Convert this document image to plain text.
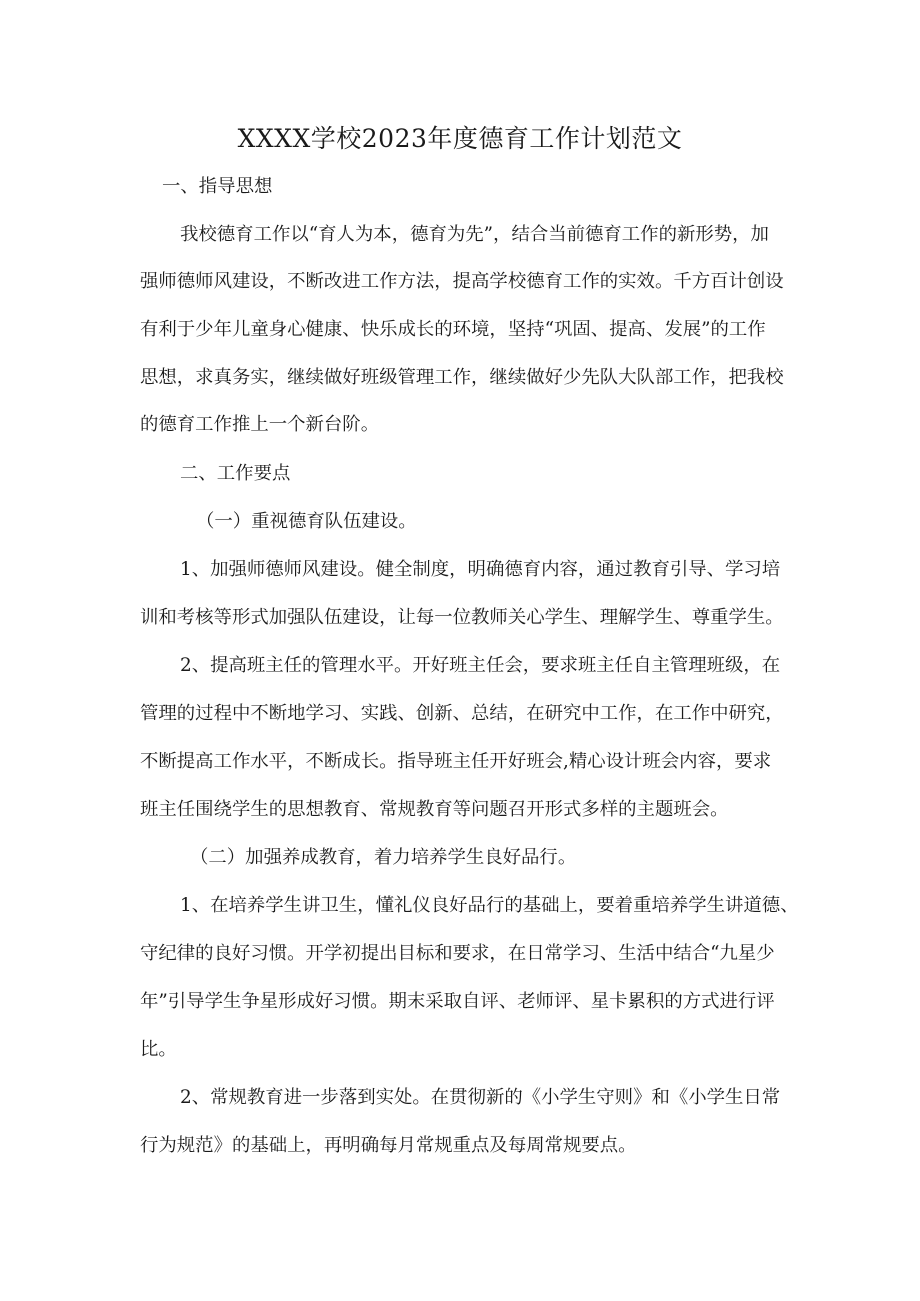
XXXX学校2023年度德育工作计划范文
一、指导思想
我校德育工作以“育人为本，德育为先”，结合当前德育工作的新形势，加
强师德师风建设，不断改进工作方法，提高学校德育工作的实效。千方百计创设
有利于少年儿童身心健康、快乐成长的环境，坚持“巩固、提高、发展”的工作
思想，求真务实，继续做好班级管理工作，继续做好少先队大队部工作，把我校
的德育工作推上一个新台阶。
二、工作要点
（一）重视德育队伍建设。
1、加强师德师风建设。健全制度，明确德育内容，通过教育引导、学习培
训和考核等形式加强队伍建设，让每一位教师关心学生、理解学生、尊重学生。
2、提高班主任的管理水平。开好班主任会，要求班主任自主管理班级，在
管理的过程中不断地学习、实践、创新、总结，在研究中工作，在工作中研究，
不断提高工作水平，不断成长。指导班主任开好班会,精心设计班会内容，要求
班主任围绕学生的思想教育、常规教育等问题召开形式多样的主题班会。
（二）加强养成教育，着力培养学生良好品行。
1、在培养学生讲卫生，懂礼仪良好品行的基础上，要着重培养学生讲道德、
守纪律的良好习惯。开学初提出目标和要求，在日常学习、生活中结合“九星少
年”引导学生争星形成好习惯。期末采取自评、老师评、星卡累积的方式进行评
比。
2、常规教育进一步落到实处。在贯彻新的《小学生守则》和《小学生日常
行为规范》的基础上，再明确每月常规重点及每周常规要点。
